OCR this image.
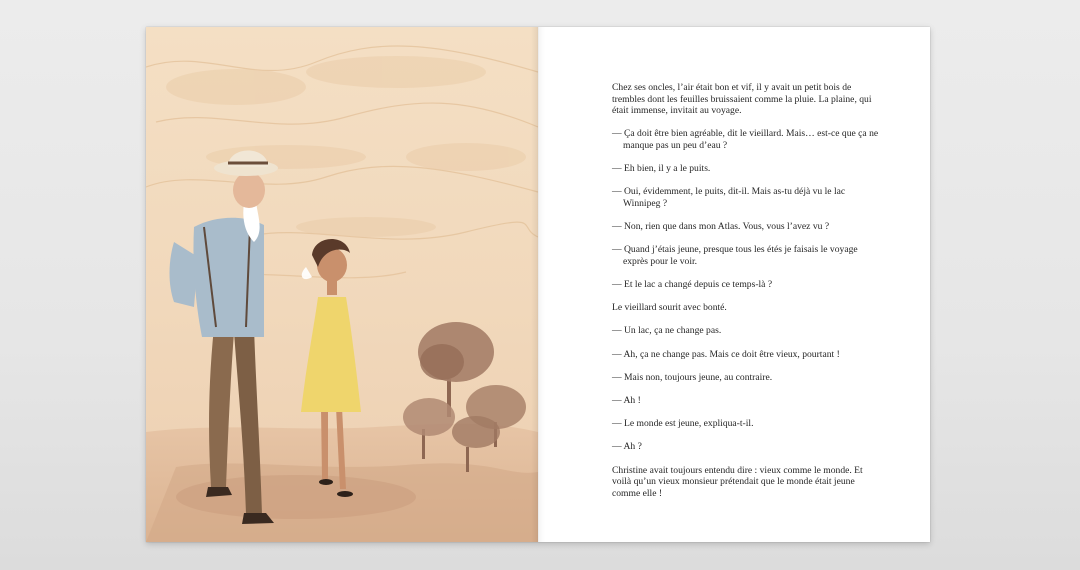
Chez ses oncles, l’air était bon et vif, il y avait un petit bois de trembles dont les feuilles bruissaient comme la pluie. La plaine, qui était immense, invitait au voyage.

— Ça doit être bien agréable, dit le vieillard. Mais… est-ce que ça ne manque pas un peu d’eau ?

— Eh bien, il y a le puits.

— Oui, évidemment, le puits, dit-il. Mais as-tu déjà vu le lac Winnipeg ?

— Non, rien que dans mon Atlas. Vous, vous l’avez vu ?

— Quand j’étais jeune, presque tous les étés je faisais le voyage exprès pour le voir.

— Et le lac a changé depuis ce temps-là ?

Le vieillard sourit avec bonté.

— Un lac, ça ne change pas.

— Ah, ça ne change pas. Mais ce doit être vieux, pourtant !

— Mais non, toujours jeune, au contraire.

— Ah !

— Le monde est jeune, expliqua-t-il.

— Ah ?

Christine avait toujours entendu dire : vieux comme le monde. Et voilà qu’un vieux monsieur prétendait que le monde était jeune comme elle !
